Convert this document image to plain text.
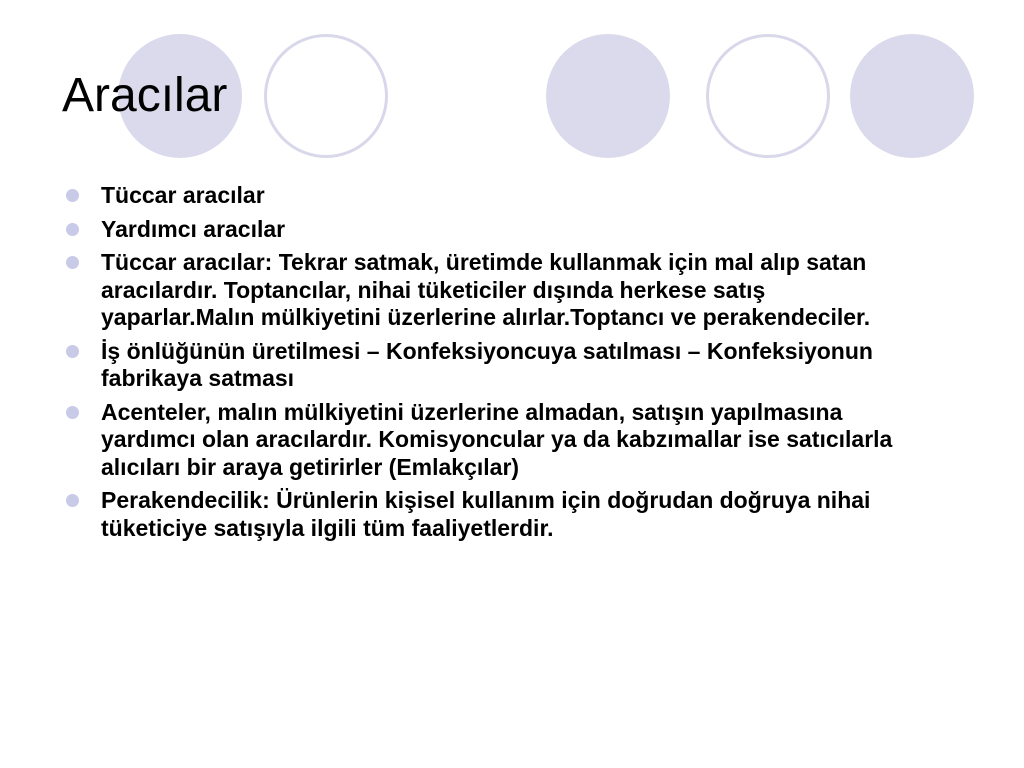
Aracılar
Tüccar aracılar
Yardımcı aracılar
Tüccar aracılar: Tekrar satmak, üretimde kullanmak için mal alıp satan aracılardır. Toptancılar, nihai tüketiciler dışında herkese satış yaparlar.Malın mülkiyetini üzerlerine alırlar.Toptancı ve perakendeciler.
İş önlüğünün üretilmesi – Konfeksiyoncuya satılması – Konfeksiyonun fabrikaya satması
Acenteler, malın mülkiyetini üzerlerine almadan, satışın yapılmasına yardımcı olan aracılardır. Komisyoncular ya da kabzımallar ise satıcılarla alıcıları bir araya getirirler (Emlakçılar)
Perakendecilik: Ürünlerin kişisel kullanım için doğrudan doğruya nihai tüketiciye satışıyla ilgili tüm faaliyetlerdir.
